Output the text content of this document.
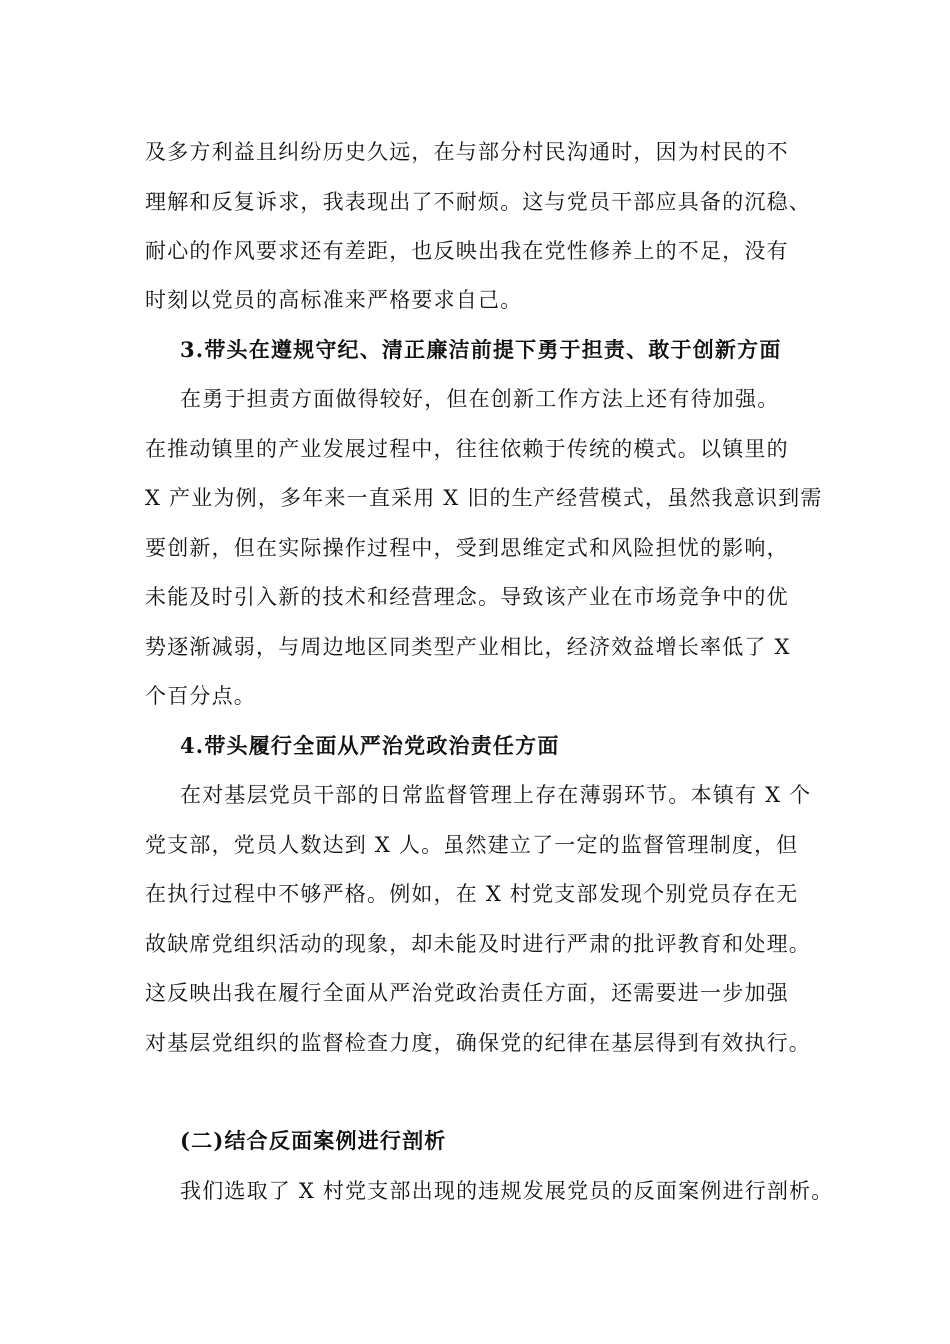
及多方利益且纠纷历史久远，在与部分村民沟通时，因为村民的不
理解和反复诉求，我表现出了不耐烦。这与党员干部应具备的沉稳、
耐心的作风要求还有差距，也反映出我在党性修养上的不足，没有
时刻以党员的高标准来严格要求自己。
3.带头在遵规守纪、清正廉洁前提下勇于担责、敢于创新方面
在勇于担责方面做得较好，但在创新工作方法上还有待加强。
在推动镇里的产业发展过程中，往往依赖于传统的模式。以镇里的
X 产业为例，多年来一直采用 X 旧的生产经营模式，虽然我意识到需
要创新，但在实际操作过程中，受到思维定式和风险担忧的影响，
未能及时引入新的技术和经营理念。导致该产业在市场竞争中的优
势逐渐减弱，与周边地区同类型产业相比，经济效益增长率低了 X
个百分点。
4.带头履行全面从严治党政治责任方面
在对基层党员干部的日常监督管理上存在薄弱环节。本镇有 X 个
党支部，党员人数达到 X 人。虽然建立了一定的监督管理制度，但
在执行过程中不够严格。例如，在 X 村党支部发现个别党员存在无
故缺席党组织活动的现象，却未能及时进行严肃的批评教育和处理。
这反映出我在履行全面从严治党政治责任方面，还需要进一步加强
对基层党组织的监督检查力度，确保党的纪律在基层得到有效执行。
(二)结合反面案例进行剖析
我们选取了 X 村党支部出现的违规发展党员的反面案例进行剖析。
